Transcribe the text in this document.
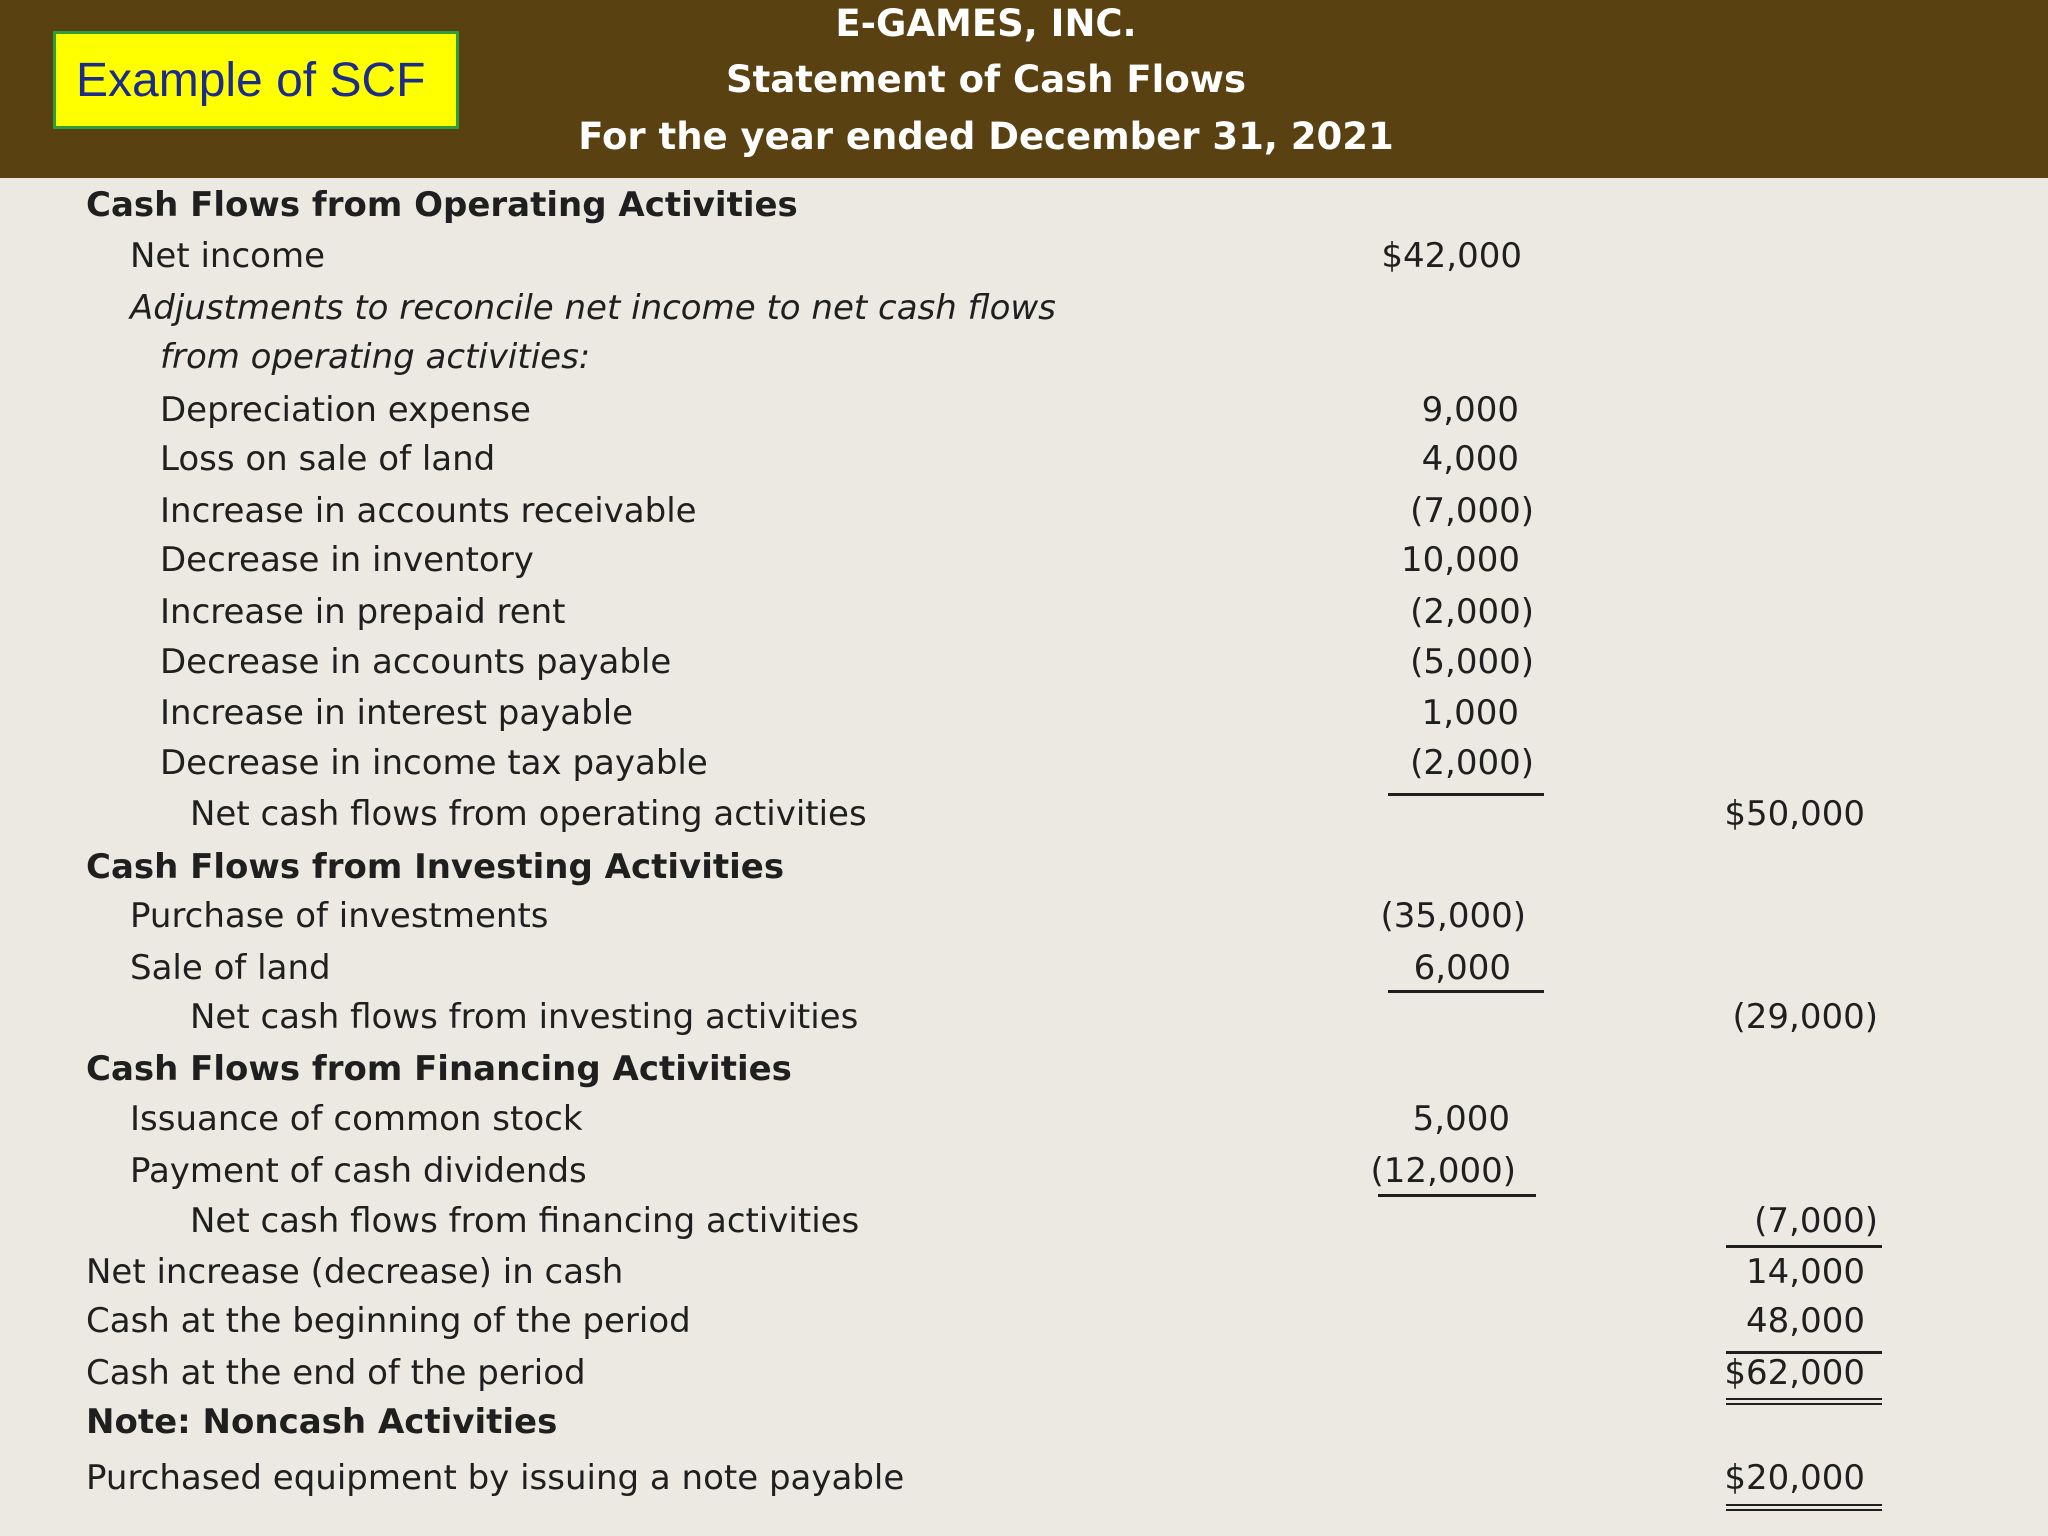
Example of SCF
E-GAMES, INC.
Statement of Cash Flows
For the year ended December 31, 2021
Cash Flows from Operating Activities
Net income	$42,000
Adjustments to reconcile net income to net cash flows
from operating activities:
Depreciation expense	9,000
Loss on sale of land	4,000
Increase in accounts receivable	(7,000)
Decrease in inventory	10,000
Increase in prepaid rent	(2,000)
Decrease in accounts payable	(5,000)
Increase in interest payable	1,000
Decrease in income tax payable	(2,000)
Net cash flows from operating activities	$50,000
Cash Flows from Investing Activities
Purchase of investments	(35,000)
Sale of land	6,000
Net cash flows from investing activities	(29,000)
Cash Flows from Financing Activities
Issuance of common stock	5,000
Payment of cash dividends	(12,000)
Net cash flows from financing activities	(7,000)
Net increase (decrease) in cash	14,000
Cash at the beginning of the period	48,000
Cash at the end of the period	$62,000
Note: Noncash Activities
Purchased equipment by issuing a note payable	$20,000
